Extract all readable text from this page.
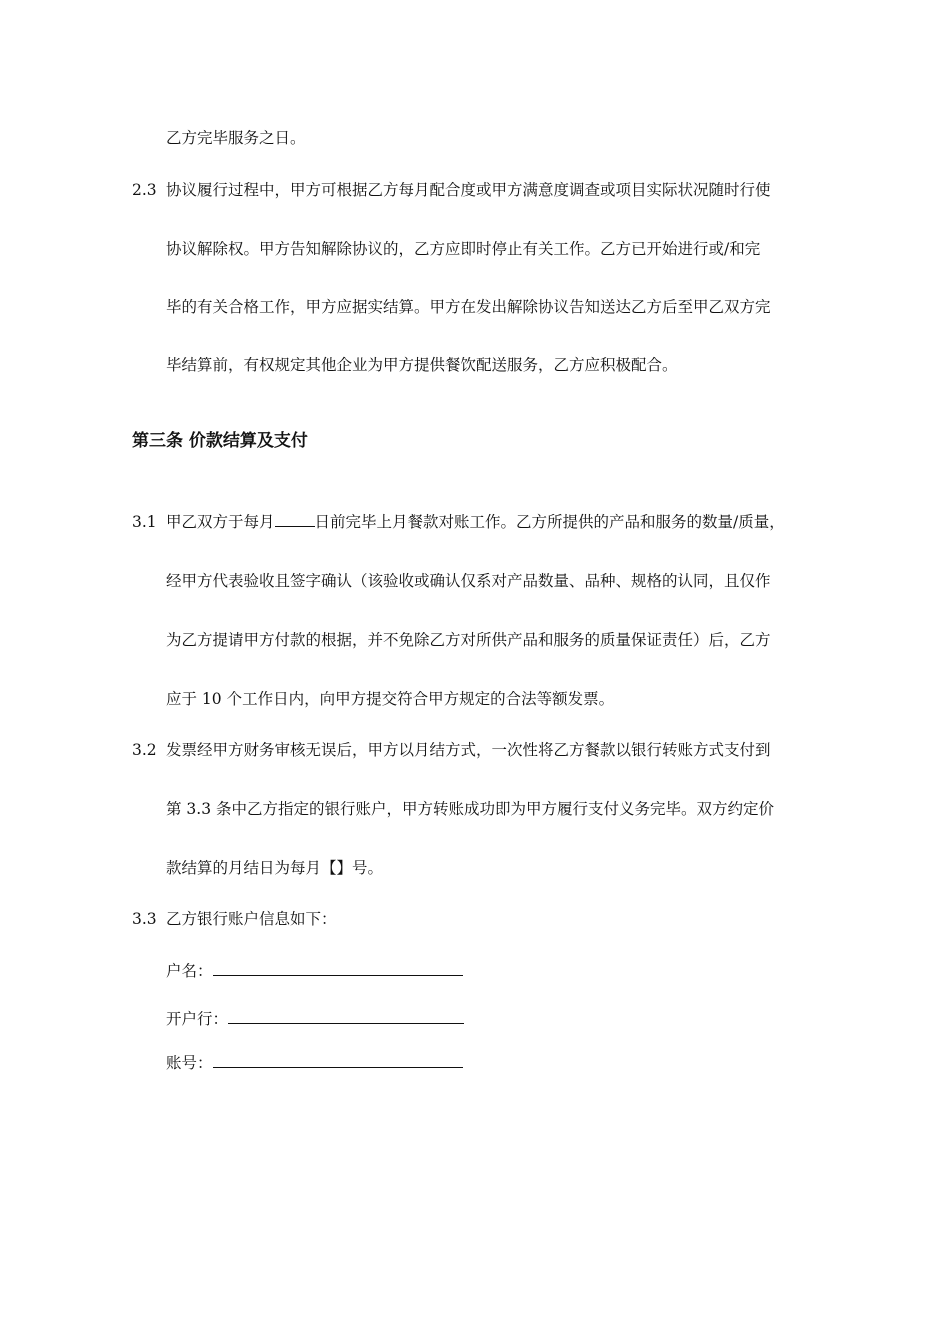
乙方完毕服务之日。
2.3 协议履行过程中，甲方可根据乙方每月配合度或甲方满意度调查或项目实际状况随时行使
协议解除权。甲方告知解除协议的，乙方应即时停止有关工作。乙方已开始进行或/和完
毕的有关合格工作，甲方应据实结算。甲方在发出解除协议告知送达乙方后至甲乙双方完
毕结算前，有权规定其他企业为甲方提供餐饮配送服务，乙方应积极配合。
第三条 价款结算及支付
3.1 甲乙双方于每月	日前完毕上月餐款对账工作。乙方所提供的产品和服务的数量/质量，
经甲方代表验收且签字确认（该验收或确认仅系对产品数量、品种、规格的认同，且仅作
为乙方提请甲方付款的根据，并不免除乙方对所供产品和服务的质量保证责任）后，乙方
应于 10 个工作日内，向甲方提交符合甲方规定的合法等额发票。
3.2 发票经甲方财务审核无误后，甲方以月结方式，一次性将乙方餐款以银行转账方式支付到
第 3.3 条中乙方指定的银行账户，甲方转账成功即为甲方履行支付义务完毕。双方约定价
款结算的月结日为每月【】号。
3.3 乙方银行账户信息如下：
户名：
开户行：
账号：
